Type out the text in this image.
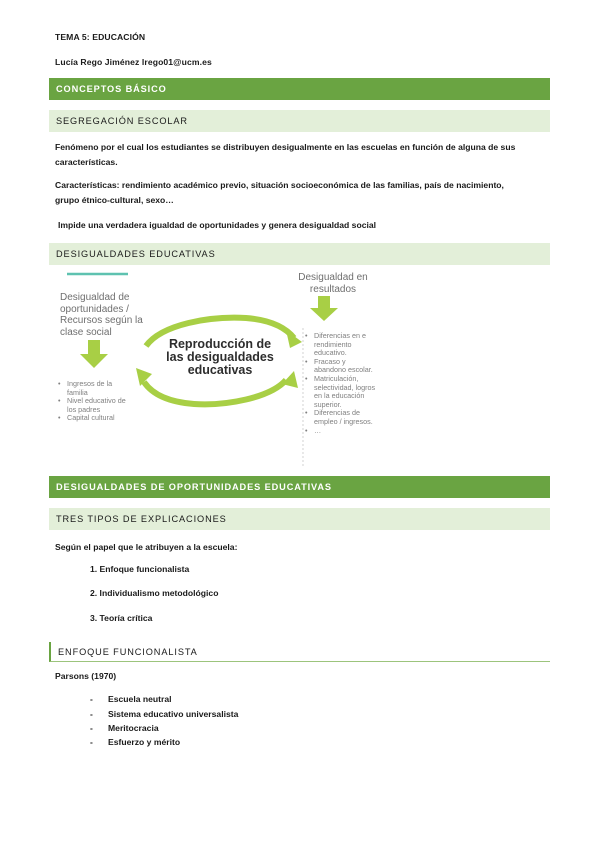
TEMA 5: EDUCACIÓN
Lucía Rego Jiménez lrego01@ucm.es
CONCEPTOS BÁSICO
SEGREGACIÓN ESCOLAR
Fenómeno por el cual los estudiantes se distribuyen desigualmente en las escuelas en función de alguna de sus características.
Características: rendimiento académico previo, situación socioeconómica de las familias, país de nacimiento, grupo étnico-cultural, sexo…
Impide una verdadera igualdad de oportunidades y genera desigualdad social
DESIGUALDADES EDUCATIVAS
Desigualdad de oportunidades / Recursos según la clase social
• Ingresos de la familia
• Nivel educativo de los padres
• Capital cultural
Reproducción de las desigualdades educativas
Desigualdad en resultados
• Diferencias en e rendimiento educativo.
• Fracaso y abandono escolar.
• Matriculación, selectividad, logros en la educación superior.
• Diferencias de empleo / ingresos.
• …
DESIGUALDADES DE OPORTUNIDADES EDUCATIVAS
TRES TIPOS DE EXPLICACIONES
Según el papel que le atribuyen a la escuela:
1. Enfoque funcionalista
2. Individualismo metodológico
3. Teoría crítica
ENFOQUE FUNCIONALISTA
Parsons (1970)
- Escuela neutral
- Sistema educativo universalista
- Meritocracia
- Esfuerzo y mérito
